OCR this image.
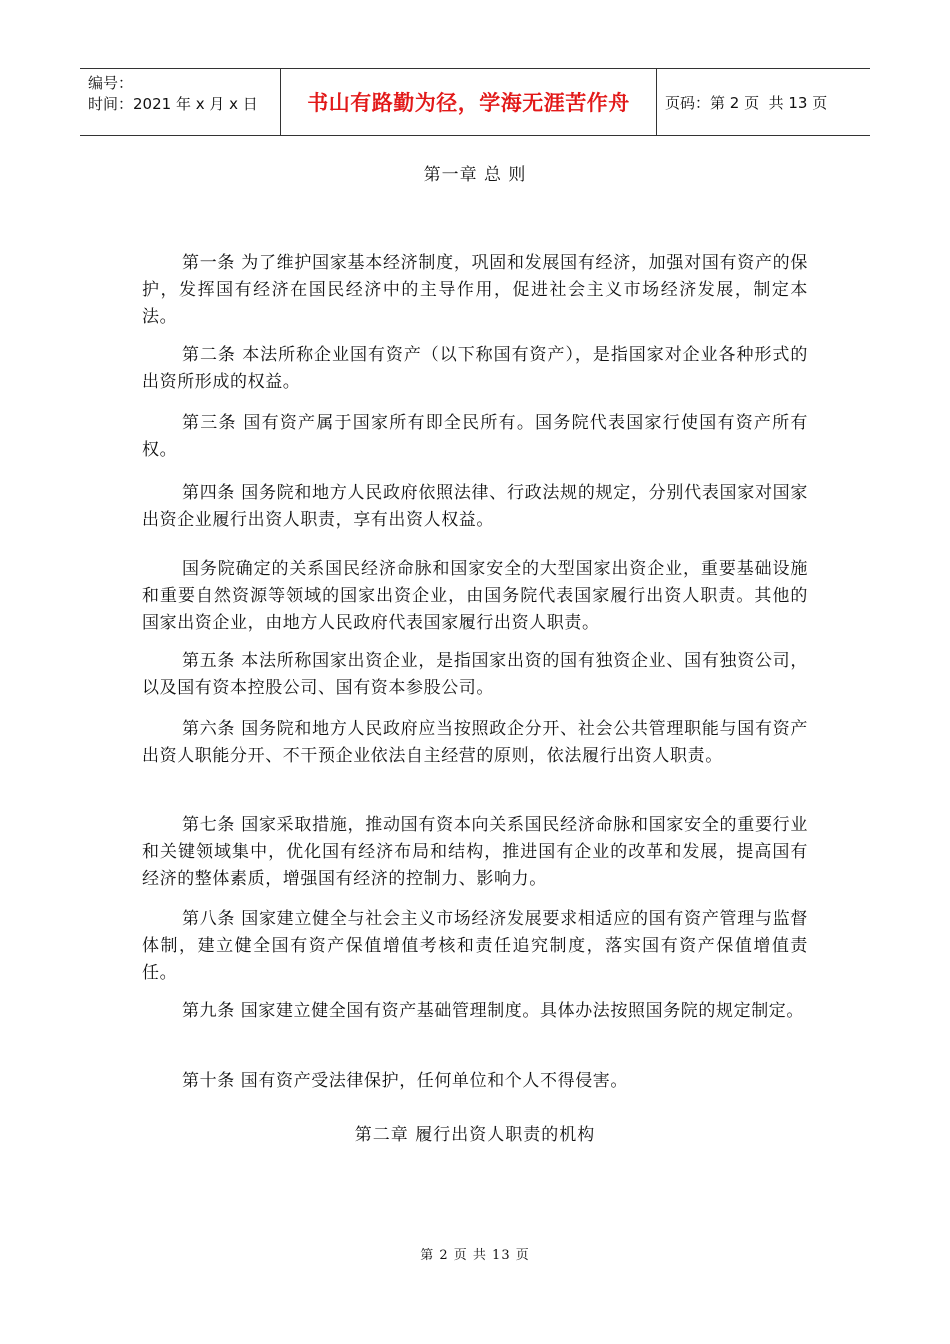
编号：
时间：2021 年 x 月 x 日	书山有路勤为径，学海无涯苦作舟	页码：第 2 页  共 13 页
第一章 总 则
第一条 为了维护国家基本经济制度，巩固和发展国有经济，加强对国有资产的保护，发挥国有经济在国民经济中的主导作用，促进社会主义市场经济发展，制定本法。
第二条 本法所称企业国有资产（以下称国有资产），是指国家对企业各种形式的出资所形成的权益。
第三条 国有资产属于国家所有即全民所有。国务院代表国家行使国有资产所有权。
第四条 国务院和地方人民政府依照法律、行政法规的规定，分别代表国家对国家出资企业履行出资人职责，享有出资人权益。
国务院确定的关系国民经济命脉和国家安全的大型国家出资企业，重要基础设施和重要自然资源等领域的国家出资企业，由国务院代表国家履行出资人职责。其他的国家出资企业，由地方人民政府代表国家履行出资人职责。
第五条 本法所称国家出资企业，是指国家出资的国有独资企业、国有独资公司，以及国有资本控股公司、国有资本参股公司。
第六条 国务院和地方人民政府应当按照政企分开、社会公共管理职能与国有资产出资人职能分开、不干预企业依法自主经营的原则，依法履行出资人职责。
第七条 国家采取措施，推动国有资本向关系国民经济命脉和国家安全的重要行业和关键领域集中，优化国有经济布局和结构，推进国有企业的改革和发展，提高国有经济的整体素质，增强国有经济的控制力、影响力。
第八条 国家建立健全与社会主义市场经济发展要求相适应的国有资产管理与监督体制，建立健全国有资产保值增值考核和责任追究制度，落实国有资产保值增值责任。
第九条 国家建立健全国有资产基础管理制度。具体办法按照国务院的规定制定。
第十条 国有资产受法律保护，任何单位和个人不得侵害。
第二章 履行出资人职责的机构
第 2 页 共 13 页
